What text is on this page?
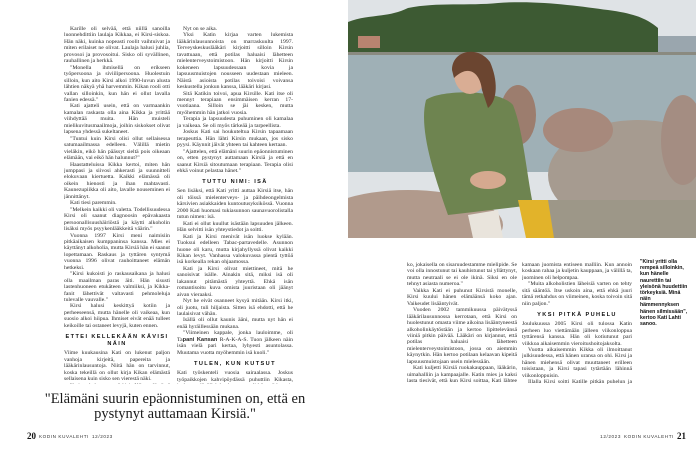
Karille oli selvää, että niillä sanoilla luonnehdittiin laulaja Kikkaa, ei Kirsi-siskoa. Hän näki, kuinka nopeasti roolit vaihtuivat ja miten erilaiset ne olivat. Laulaja halusi juhlia, provosoi ja provosoitui. Sisko oli syvällinen, rauhallinen ja herkkä.

"Monella ihmisellä on erikseen työpersoona ja siviilipersoona. Huolestuin silloin, kun aito Kirsi alkoi 1990-luvun alusta lähtien näkyä yhä harvemmin. Kikan rooli otti vallan silloinkin, kun hän ei ollut lavalla fanien edessä."

Kati ajatteli usein, että on varmaankin kamalan raskasta olla aina Kikka ja yrittää viihdyttää muita. Hän muisteli mielikuvitusmaailmoja, joihin siskokset olivat lapsena yhdessä sukeltaneet.

"Tuntui kuin Kirsi olisi ollut sellaisessa satumaailmassa edelleen. Välillä mietin vieläkin, eikö hän päässyt sieltä pois oikeaan elämään, vai eikö hän halunnut?"

Haastatteluissa Kikka kertoi, miten hän jumppasi ja siivosi ahkerasti ja suunnitteli elokuvaan kiertuetta. Kaikki elämässä oli oikein hienosti ja ihan mahtavasti. Kaunezupiikka oli aito, lavalle nouseminen ei jännittänyt.

Kati tiesi paremmin.

"Melkein kaikki oli valetta. Todellisuudessa Kirsi oli saanut diagnoosin epävakaasta persoonallisuushäiriöstä ja käytti alkoholin lisäksi myös psyykenlääkkeitä väärin."

Vuonna 1997 Kirsi meni naimisiin pitkäaikaisen kumppaninsa kanssa. Mies ei käyttänyt alkoholia, mutta Kirsiä hän ei saanut lopettamaan. Raskaus ja tyttären syntymä vuonna 1996 olivat rauhoittaneet elämän hetkeksi.

"Kirsi kukoisti jo raskausaikana ja halusi olla maailman paras äiti. Hän sisusti lastenhuoneen etukäteen valmiiksi, ja Kikka-fanit lähettivät valtavasti pehmoleluja tulevalle vauvalle."

Kirsi halusi keskittyä kotiin ja perheeseensä, mutta hänelle oli vaikeaa, kun suosio alkoi hiipua. Ihmiset eivät enää tulleet keikoille tai ostaneet levyjä, kuten ennen.

ETTEI KELLEKÄÄN KÄVISI NÄIN

Viime kuukausina Kati on lukenut paljon vanhoja kirjeitä, papereita ja lääkärinlausuntoja. Niitä hän on tarvinnut, koska tekeillä on ollut kirja Kikan elämästä sellaisena kuin sisko sen vierestä näki.

Nyt on se aika.

Yksi Katin kirjaa varten lukemista lääkärinlausunnoista on marraskuulta 1997. Terveyskeskuslääkäri kirjoitti silloin Kirsin tavattuaan, että potilas haluaisi lähetteen mielenterveystoimistoon. Hän kirjoitti Kirsin kokeneen lapsuudessaan kovia ja lapsuusmuistojen nousseen uudestaan mieleen. Näistä asioista potilas toivoisi voivansa keskustella jonkun kanssa, lääkäri kirjasi.

Sitä Katikin toivoi, apua Kirsille. Kati itse oli mennyt terapiaan ensimmäisen kerran 17-vuotiaana. Silloin se jäi kesken, mutta myöhemmin hän jatkoi vuosia.

Terapia ja lapsuudesta puhuminen oli kamalaa ja vaikeaa. Se oli myös tärkeää ja tarpeellista.

Joskus Kati sai houkuteltua Kirsin tapaamaan terapeuttia. Hän lähti Kirsin mukaan, jos sisko pyysi. Käynnit jäivät yhteen tai kahteen kertaan.

"Ajattelen, että elämäni suurin epäonnistuminen on, etten pystynyt auttamaan Kirsiä ja että en saanut Kirsiä sitoutumaan terapiaan. Terapia olisi ehkä voinut pelastaa hänet."

TUTTU NIMI: ISÄ

Sen lisäksi, että Kati yritti auttaa Kirsiä itse, hän oli töissä mielenterveys- ja päihdeongelmista kärsivien asiakkaiden kuntoutusyksikössä. Vuonna 2000 Kati huomasi tukiasunnon saunavuorolistalla tutun nimen: isä.

Kati ei ollut kuullut isästään lapsuuden jälkeen. Hän selvitti isän yhteystiedot ja soitti.

Kati ja Kirsi menivät isän luokse kylään. Tuoksui edelleen Tabac-partavedelle. Asunnon huone oli karu, mutta kirjahyllyssä olivat kaikki Kikan levyt. Vanhassa valokuvassa pientä tyttöä isä korkealla rekan ohjaamossa.

Kati ja Kirsi olivat miettineet, mitä he sanoisivat isälle. Ainakin sitä, miksi isä oli lakannut pitämästä yhteyttä. Ehkä isän romantisoitu kuva omista juuristaan oli jäänyt aivan vieraaksi.

Nyt he eivät osanneet kysyä mitään. Kirsi itki, oli juotu, tuli hiljaista. Sitten isä ehdotti, että he laulaisivat vähän.

Isällä oli ollut kaunis ääni, mutta nyt hän ei enää hyräillessään mukana.

"Viimeinen kappale, jonka lauloimme, oli Tapani Kansan R-A-K-A-S. Tuon jälkeen näin isän vielä pari kertaa, lyhyesti asuntolassa. Muutama vuotta myöhemmin isä kuoli."

TULEN, KUN KUTSUT

Kati työskenteli vuosia sairaalassa. Joskus työpaikkojen kahvipöydässä puhuttiin Kikasta,

"Elämäni suurin epäonnistuminen on, että en pystynyt auttamaan Kirsiä."
20 KODIN KUVALEHTI 12/2023

ko, jokaisella on sisaruudestamme mielipide. Se voi olla innostunut tai kauhistunut tai yllättynyt, mutta neutraali se ei ole ikinä. Siksi en ole tehnyt asiasta numeroa."

Vaikka Kati ei puhunut Kirsistä monelle, Kirsi kuului hänen elämäänsä koko ajan. Vaikeudet lisääntyivät.

Vuoden 2002 tammikuussa päivätyssä lääkärilausunnossa kerrotaan, että Kirsi on huolestunut omasta viime aikoina lisääntyneestä alkoholinkäytöstään ja kertoo lipittelevänsä viiniä pitkin päivää. Lääkäri on kirjannut, että potilas haluaisi lähetteen mielenterveystoimistoon, jossa on aiemmin käynytkin. Hän kertoo potilaan kelaavan kipeitä lapsuusmuistojaan usein mielessään.

Kati kuljetti Kirsiä ruokakauppaan, lääkärin, uimahalliin ja kampaajalle. Katin mies ja kaksi lasta tiesivät, että kun Kirsi soittaa, Kati lähtee

kamaan juomista entiseen malliin. Kun annoin koskaan rahaa ja kuljetin kauppaan, ja välillä ta, juominen oli helpompaa.

"Muita alkoholistien läheisiä varten on tehty sitä sääntöä. Itse uskoin aina, että ehkä juuri tämä retkahdus on viimeinen, koska toivoin sitä niin paljon."

YKSI PITKÄ PUHELU

Joulukuussa 2005 Kirsi oli tulossa Katin perheen luo viettämään jälleen viikonloppua tyttärensä kanssa. Hän oli kotiutunut pari viikkoa aikaisemmin vieroitushoitojaksolta.

Vuotta aikaisemmin Kikka oli ilmoittanut julkisuudessa, että hänen uransa on ohi. Kirsi ja hänen miehensä olivat muuttaneet erilleen toisistaan, ja Kirsi tapasi tytärtään lähinnä viikonloppuisin.

Illalla Kirsi soitti Katille pitkän puhelun ja

"Kirsi yritti olla rempeä silloinkin, kun hänelle naurettiin tai yleisönä huudettiin törkeyksiä. Minä näin hämmennyksen hänen silmissään", kertoo Kati Lahti sanoo.
12/2023 KODIN KUVALEHTI 21
